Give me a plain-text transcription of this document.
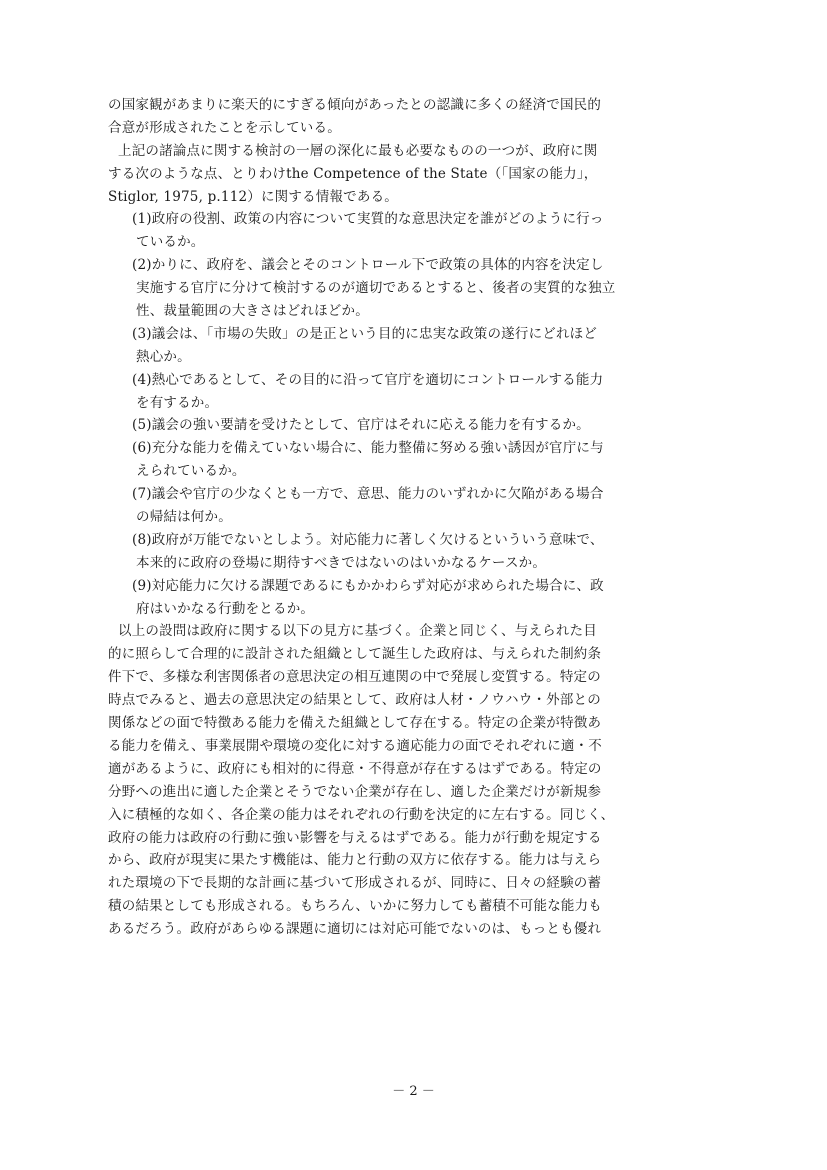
の国家観があまりに楽天的にすぎる傾向があったとの認識に多くの経済で国民的
合意が形成されたことを示している。
上記の諸論点に関する検討の一層の深化に最も必要なものの一つが、政府に関
する次のような点、とりわけthe Competence of the State（「国家の能力」，
Stiglor, 1975, p.112）に関する情報である。
(1)政府の役割、政策の内容について実質的な意思決定を誰がどのように行っ
ているか。
(2)かりに、政府を、議会とそのコントロール下で政策の具体的内容を決定し
実施する官庁に分けて検討するのが適切であるとすると、後者の実質的な独立
性、裁量範囲の大きさはどれほどか。
(3)議会は、「市場の失敗」の是正という目的に忠実な政策の遂行にどれほど
熱心か。
(4)熱心であるとして、その目的に沿って官庁を適切にコントロールする能力
を有するか。
(5)議会の強い要請を受けたとして、官庁はそれに応える能力を有するか。
(6)充分な能力を備えていない場合に、能力整備に努める強い誘因が官庁に与
えられているか。
(7)議会や官庁の少なくとも一方で、意思、能力のいずれかに欠陥がある場合
の帰結は何か。
(8)政府が万能でないとしよう。対応能力に著しく欠けるといういう意味で、
本来的に政府の登場に期待すべきではないのはいかなるケースか。
(9)対応能力に欠ける課題であるにもかかわらず対応が求められた場合に、政
府はいかなる行動をとるか。
以上の設問は政府に関する以下の見方に基づく。企業と同じく、与えられた目
的に照らして合理的に設計された組織として誕生した政府は、与えられた制約条
件下で、多様な利害関係者の意思決定の相互連関の中で発展し変質する。特定の
時点でみると、過去の意思決定の結果として、政府は人材・ノウハウ・外部との
関係などの面で特徴ある能力を備えた組織として存在する。特定の企業が特徴あ
る能力を備え、事業展開や環境の変化に対する適応能力の面でそれぞれに適・不
適があるように、政府にも相対的に得意・不得意が存在するはずである。特定の
分野への進出に適した企業とそうでない企業が存在し、適した企業だけが新規参
入に積極的な如く、各企業の能力はそれぞれの行動を決定的に左右する。同じく、
政府の能力は政府の行動に強い影響を与えるはずである。能力が行動を規定する
から、政府が現実に果たす機能は、能力と行動の双方に依存する。能力は与えら
れた環境の下で長期的な計画に基づいて形成されるが、同時に、日々の経験の蓄
積の結果としても形成される。もちろん、いかに努力しても蓄積不可能な能力も
あるだろう。政府があらゆる課題に適切には対応可能でないのは、もっとも優れ
－ 2 －
